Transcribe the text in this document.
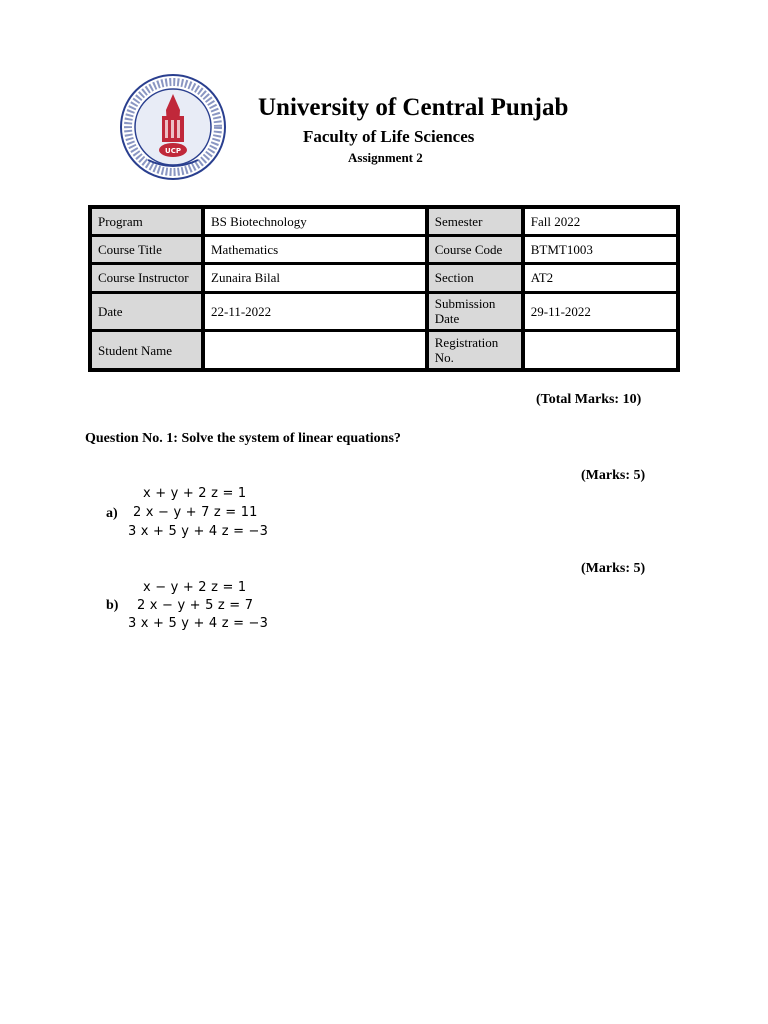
UCP
University of Central Punjab
Faculty of Life Sciences
Assignment 2
Program	BS Biotechnology	Semester	Fall 2022
Course Title	Mathematics	Course Code	BTMT1003
Course Instructor	Zunaira Bilal	Section	AT2
Date	22-11-2022	Submission Date	29-11-2022
Student Name		Registration No.	
(Total Marks: 10)
Question No. 1: Solve the system of linear equations?
(Marks: 5)
x + y + 2 z = 1
a) 2 x − y + 7 z = 11
3 x + 5 y + 4 z = −3
(Marks: 5)
x − y + 2 z = 1
b) 2 x − y + 5 z = 7
3 x + 5 y + 4 z = −3
